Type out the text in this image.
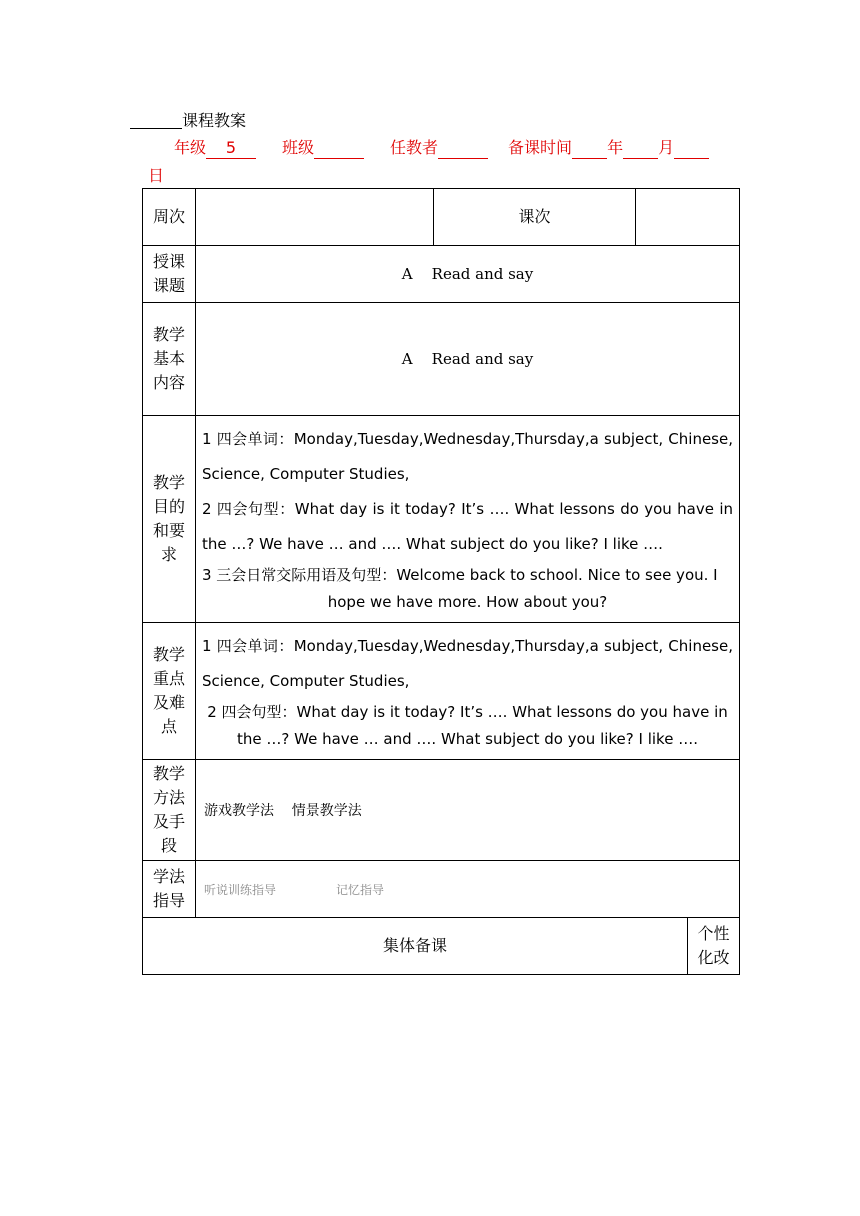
课程教案
年级 5	班级	任教者	备课时间 年 月
日
周次		课次		
授课课题	A    Read and say			
教学基本内容	A    Read and say			
教学目的和要求	1 四会单词：Monday,Tuesday,Wednesday,Thursday,a subject, Chinese, Science, Computer Studies,
2 四会句型：What day is it today? It’s …. What lessons do you have in the …? We have … and …. What subject do you like? I like ….
3 三会日常交际用语及句型：Welcome back to school. Nice to see you. I
hope we have more. How about you?			

教学重点及难点	1 四会单词：Monday,Tuesday,Wednesday,Thursday,a subject, Chinese, Science, Computer Studies,
2 四会句型：What day is it today? It’s …. What lessons do you have in
the …? We have … and …. What subject do you like? I like ….			

教学方法及手段	游戏教学法    情景教学法			
学法指导	听说训练指导 记忆指导			
集体备课				个性化改
